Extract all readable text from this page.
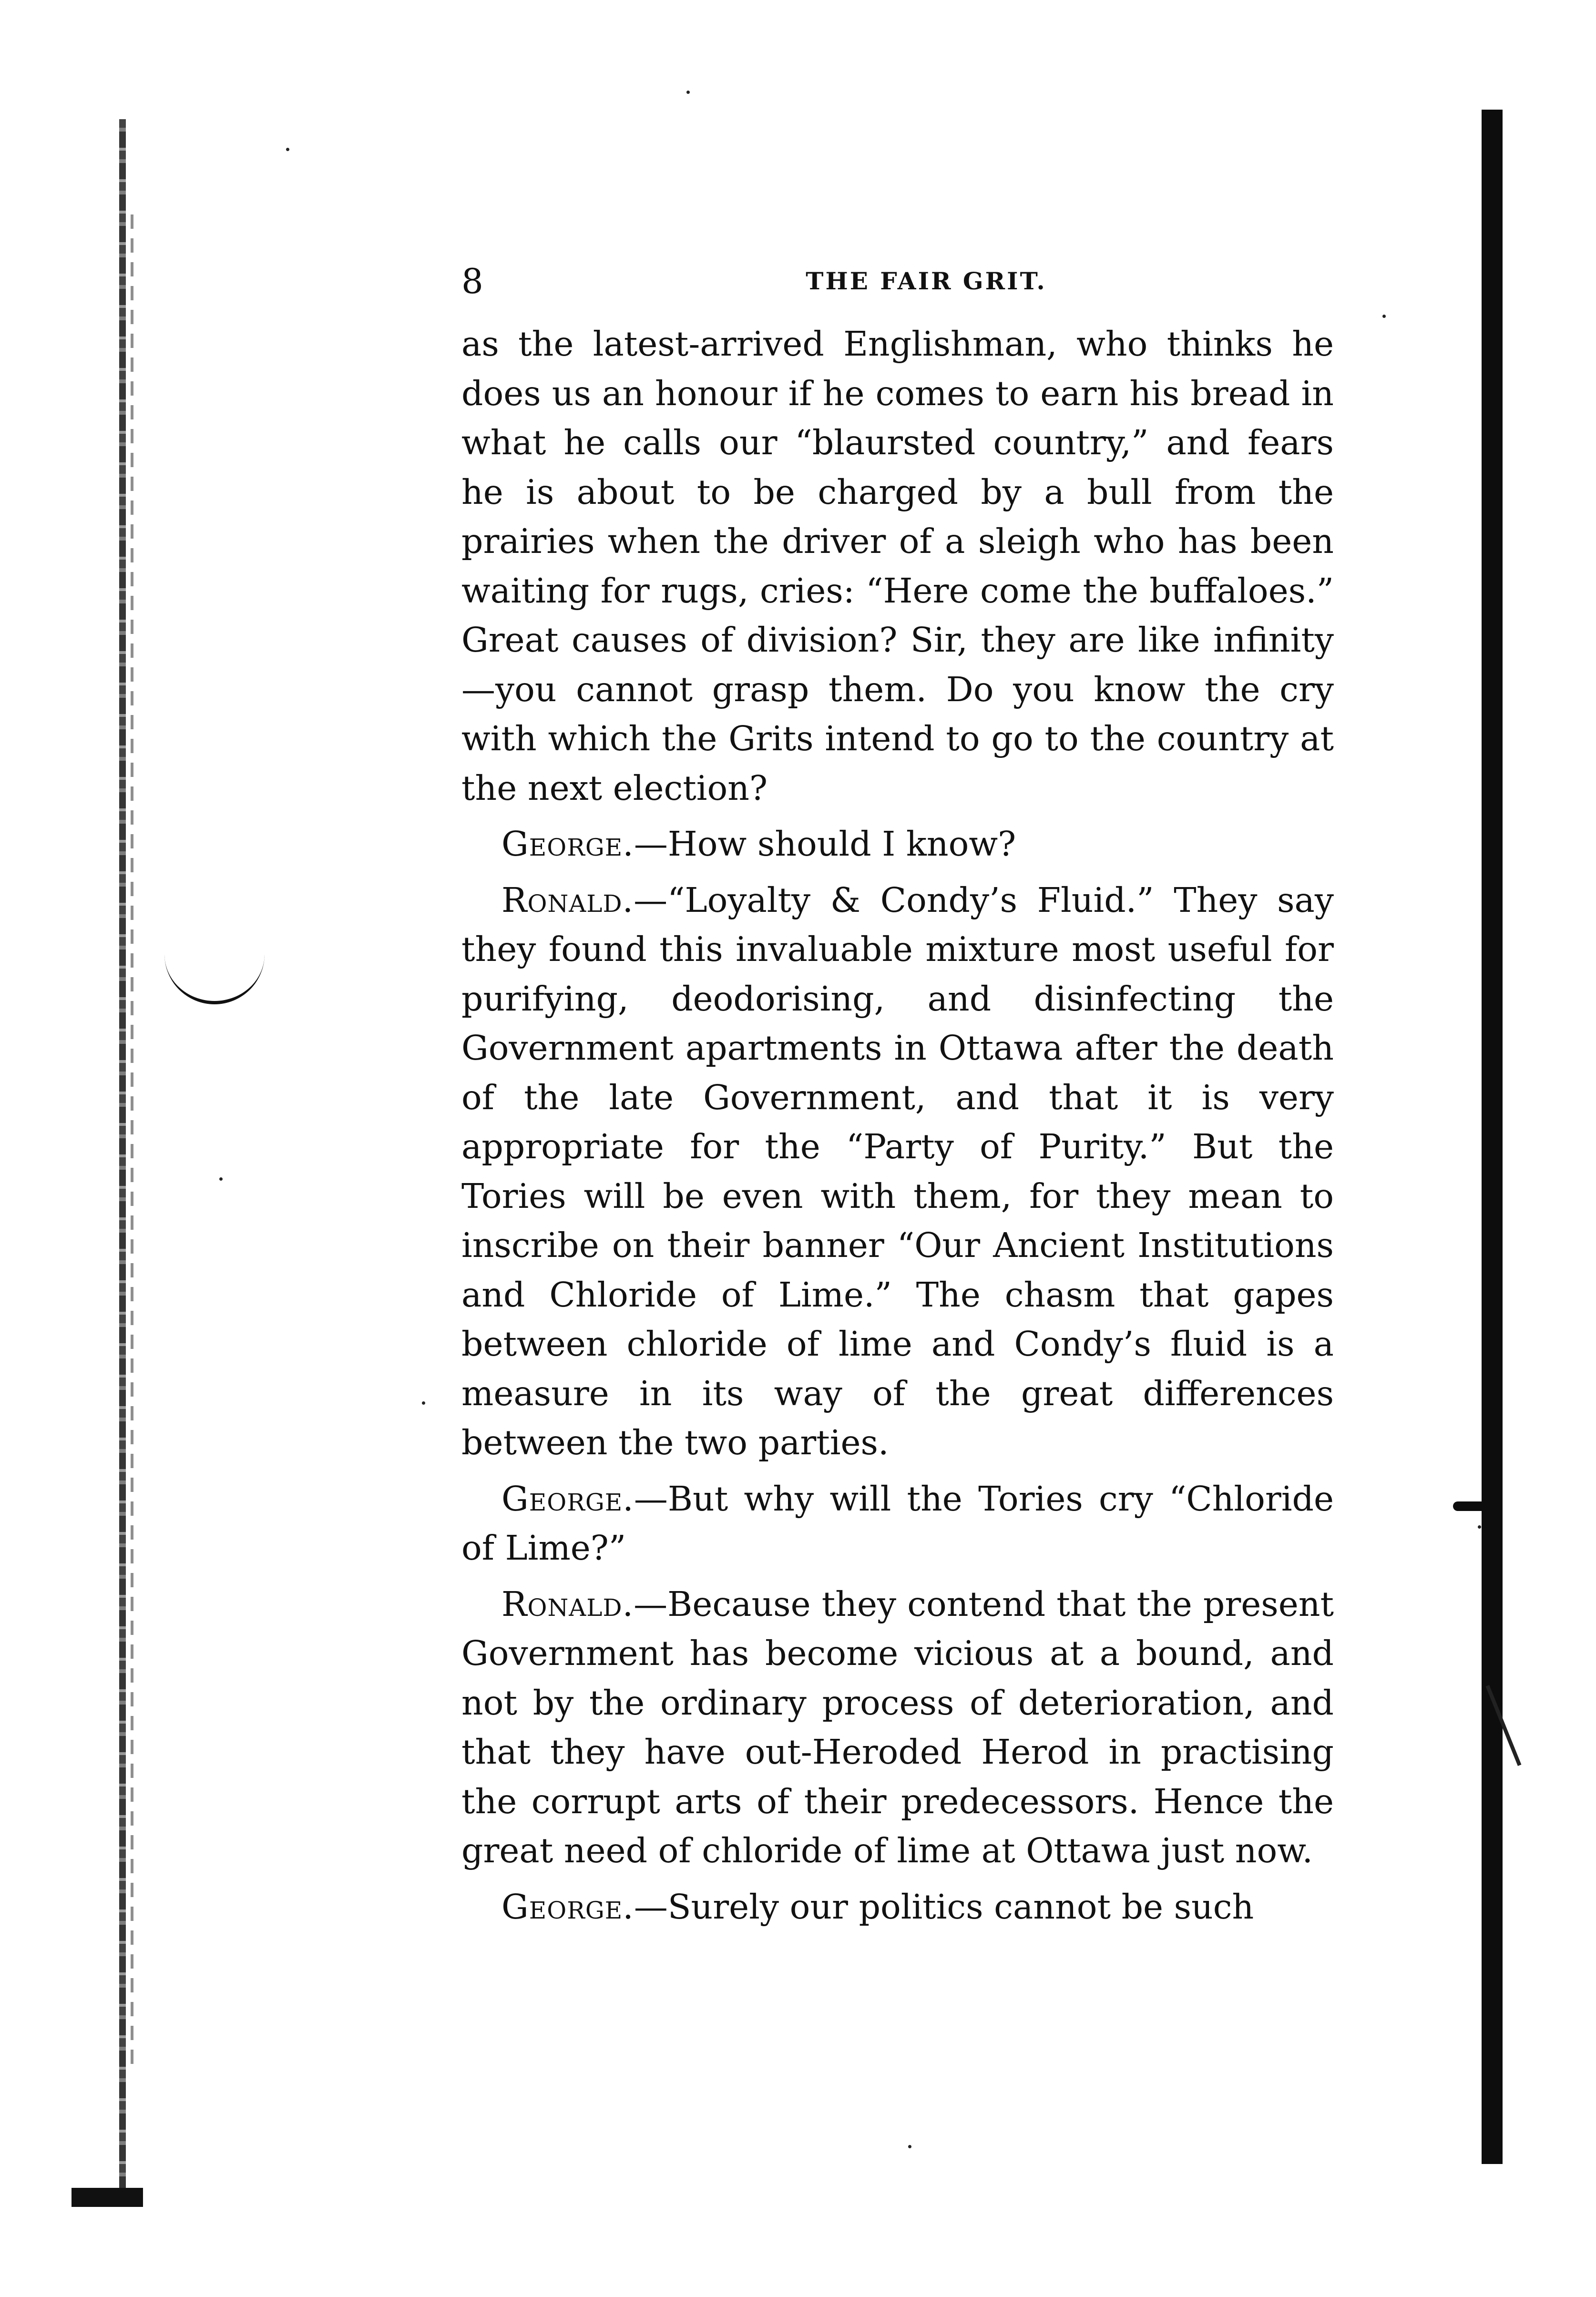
8	THE FAIR GRIT.

as the latest-arrived Englishman, who thinks he does us an honour if he comes to earn his bread in what he calls our “blaursted country,” and fears he is about to be charged by a bull from the prairies when the driver of a sleigh who has been waiting for rugs, cries: “Here come the buffaloes.” Great causes of division? Sir, they are like infinity—you cannot grasp them. Do you know the cry with which the Grits intend to go to the country at the next election?

George.—How should I know?

Ronald.—“Loyalty & Condy’s Fluid.” They say they found this invaluable mixture most useful for purifying, deodorising, and disinfecting the Government apartments in Ottawa after the death of the late Government, and that it is very appropriate for the “Party of Purity.” But the Tories will be even with them, for they mean to inscribe on their banner “Our Ancient Institutions and Chloride of Lime.” The chasm that gapes between chloride of lime and Condy’s fluid is a measure in its way of the great differences between the two parties.

George.—But why will the Tories cry “Chloride of Lime?”

Ronald.—Because they contend that the present Government has become vicious at a bound, and not by the ordinary process of deterioration, and that they have out-Heroded Herod in practising the corrupt arts of their predecessors. Hence the great need of chloride of lime at Ottawa just now.

George.—Surely our politics cannot be such
